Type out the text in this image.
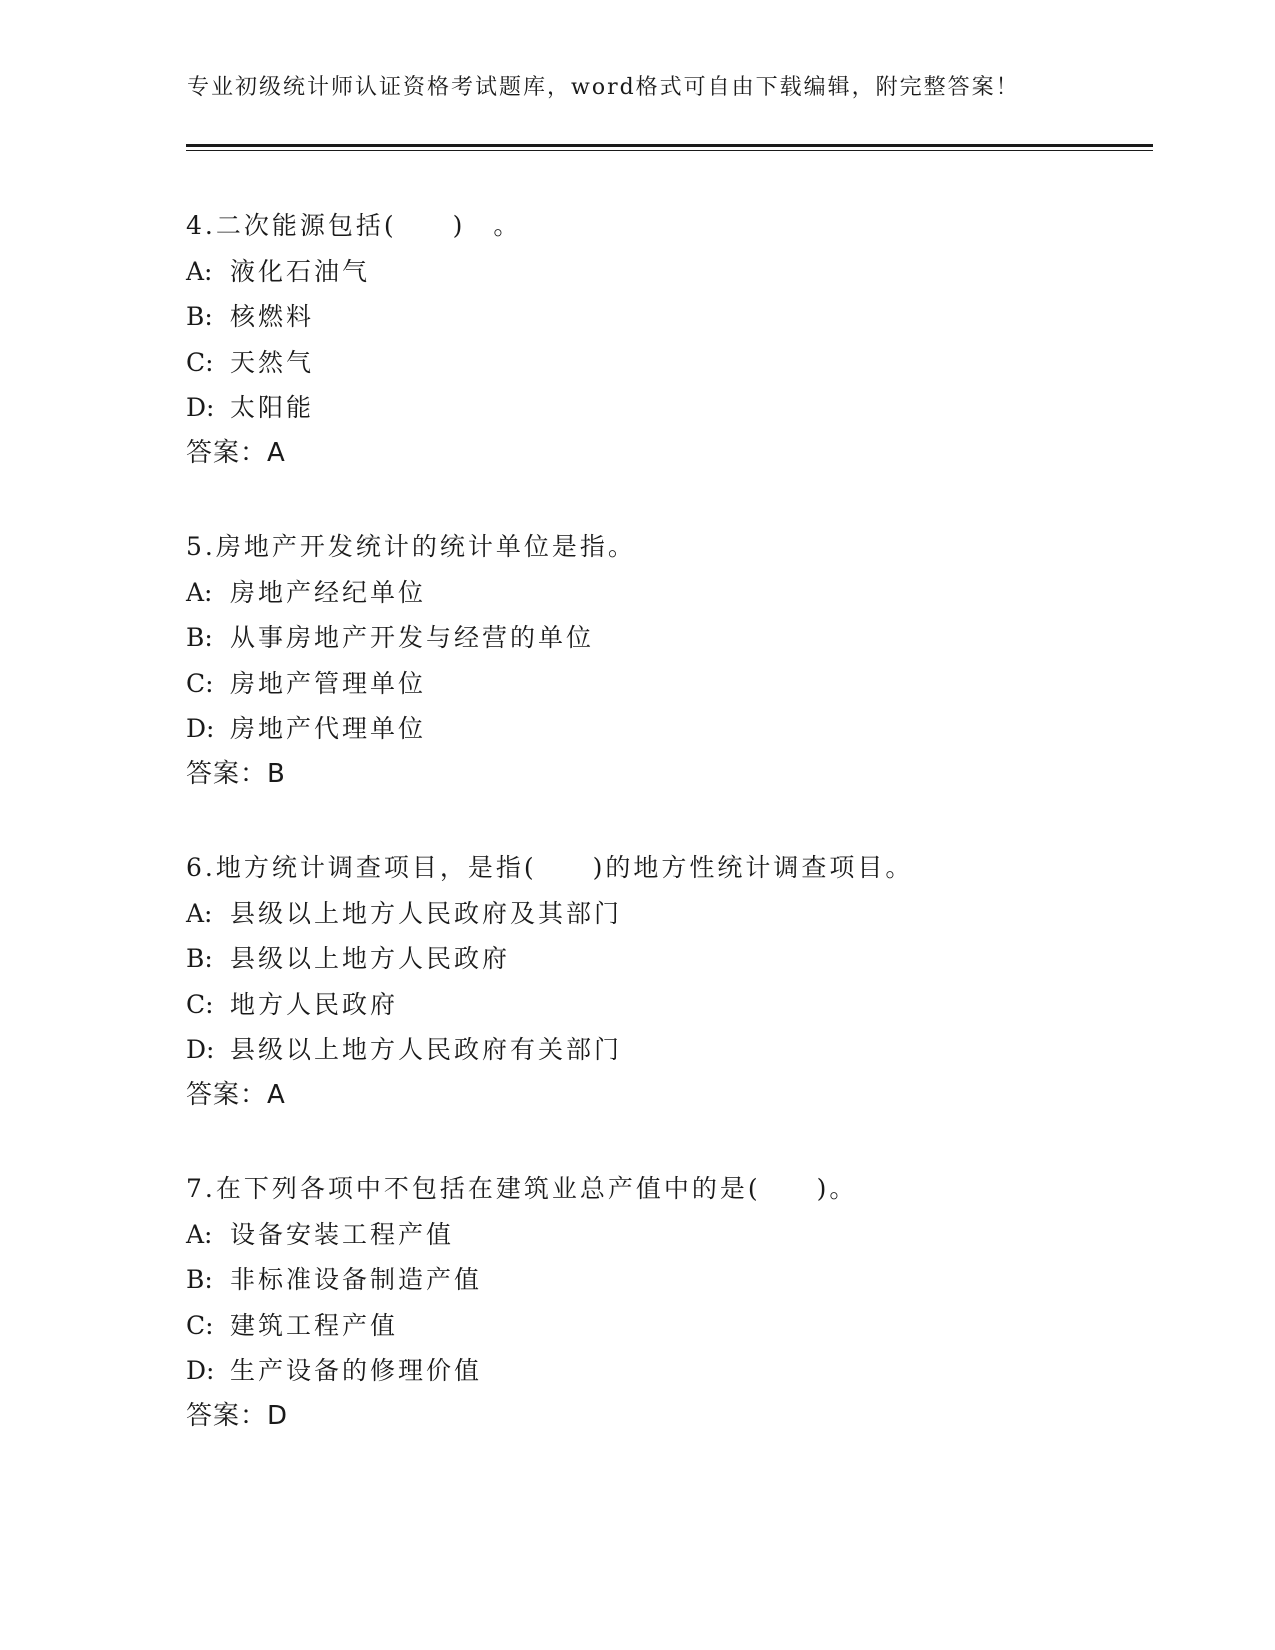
专业初级统计师认证资格考试题库，word格式可自由下载编辑，附完整答案！
4.二次能源包括(　　)　。
A: 液化石油气
B: 核燃料
C: 天然气
D: 太阳能
答案：A
5.房地产开发统计的统计单位是指。
A: 房地产经纪单位
B: 从事房地产开发与经营的单位
C: 房地产管理单位
D: 房地产代理单位
答案：B
6.地方统计调查项目，是指(　　)的地方性统计调查项目。
A: 县级以上地方人民政府及其部门
B: 县级以上地方人民政府
C: 地方人民政府
D: 县级以上地方人民政府有关部门
答案：A
7.在下列各项中不包括在建筑业总产值中的是(　　)。
A: 设备安装工程产值
B: 非标准设备制造产值
C: 建筑工程产值
D: 生产设备的修理价值
答案：D
